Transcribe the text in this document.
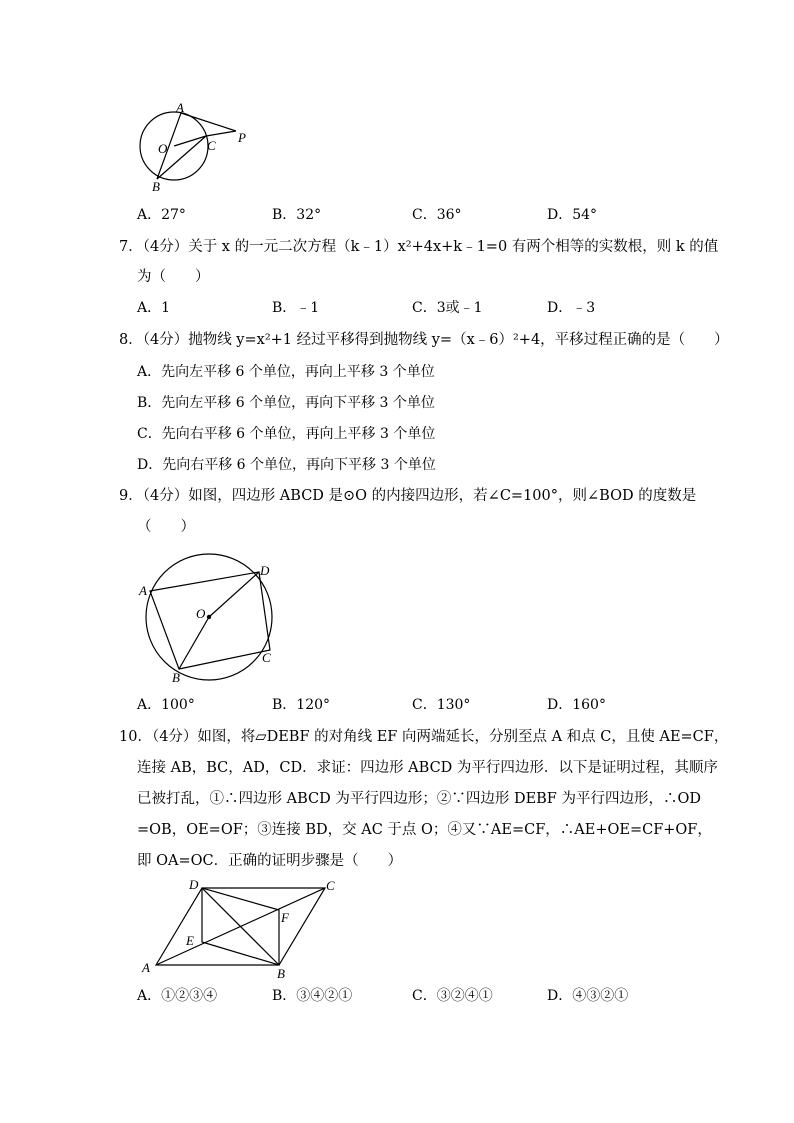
A
O	C
P
B
A．27°	B．32°	C．36°	D．54°
7．（4分）关于 x 的一元二次方程（k﹣1）x²+4x+k﹣1=0 有两个相等的实数根，则 k 的值
为（　　）
A．1	B．﹣1	C．3或﹣1	D．﹣3
8．（4分）抛物线 y=x²+1 经过平移得到抛物线 y=（x﹣6）²+4，平移过程正确的是（　　）
A．先向左平移 6 个单位，再向上平移 3 个单位
B．先向左平移 6 个单位，再向下平移 3 个单位
C．先向右平移 6 个单位，再向上平移 3 个单位
D．先向右平移 6 个单位，再向下平移 3 个单位
9．（4分）如图，四边形 ABCD 是⊙O 的内接四边形，若∠C=100°，则∠BOD 的度数是
（　　）
A
D
O
C
B
A．100°	B．120°	C．130°	D．160°
10．（4分）如图，将▱DEBF 的对角线 EF 向两端延长，分别至点 A 和点 C，且使 AE=CF，
连接 AB，BC，AD，CD．求证：四边形 ABCD 为平行四边形．以下是证明过程，其顺序
已被打乱，①∴四边形 ABCD 为平行四边形；②∵四边形 DEBF 为平行四边形，∴OD
=OB，OE=OF；③连接 BD，交 AC 于点 O；④又∵AE=CF，∴AE+OE=CF+OF，
即 OA=OC．正确的证明步骤是（　　）
D	C
F
E
A	B
A．①②③④	B．③④②①	C．③②④①	D．④③②①
